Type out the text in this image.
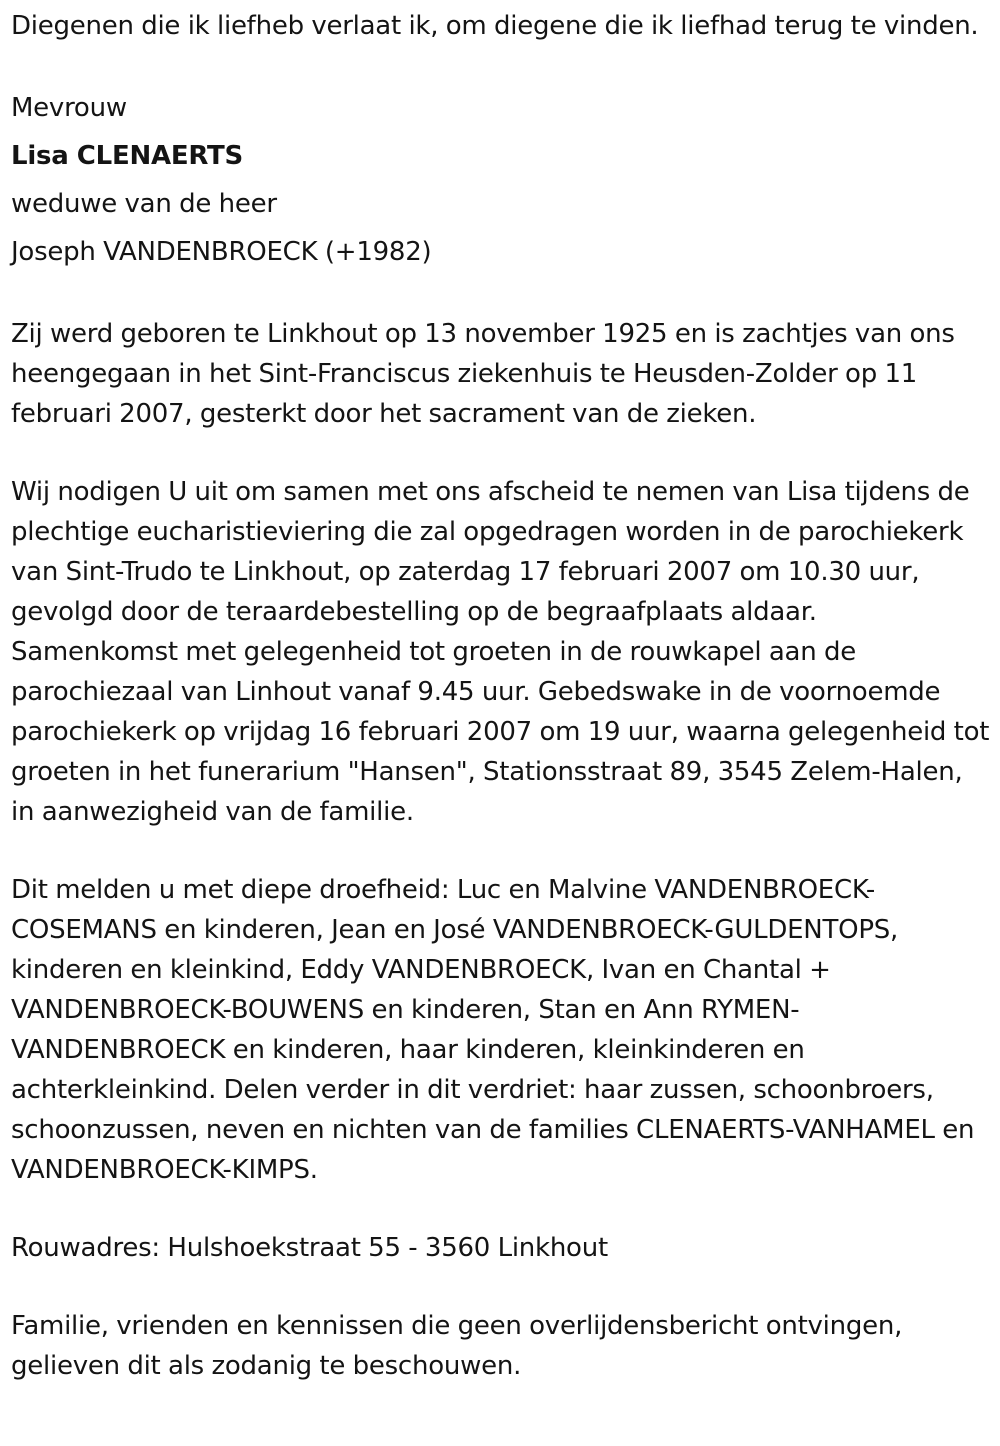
Diegenen die ik liefheb verlaat ik, om diegene die ik liefhad terug te vinden.

Mevrouw

Lisa CLENAERTS

weduwe van de heer

Joseph VANDENBROECK (+1982)

Zij werd geboren te Linkhout op 13 november 1925 en is zachtjes van ons heengegaan in het Sint-Franciscus ziekenhuis te Heusden-Zolder op 11 februari 2007, gesterkt door het sacrament van de zieken.

Wij nodigen U uit om samen met ons afscheid te nemen van Lisa tijdens de plechtige eucharistieviering die zal opgedragen worden in de parochiekerk van Sint-Trudo te Linkhout, op zaterdag 17 februari 2007 om 10.30 uur, gevolgd door de teraardebestelling op de begraafplaats aldaar. Samenkomst met gelegenheid tot groeten in de rouwkapel aan de parochiezaal van Linhout vanaf 9.45 uur. Gebedswake in de voornoemde parochiekerk op vrijdag 16 februari 2007 om 19 uur, waarna gelegenheid tot groeten in het funerarium "Hansen", Stationsstraat 89, 3545 Zelem-Halen, in aanwezigheid van de familie.

Dit melden u met diepe droefheid: Luc en Malvine VANDENBROECK-COSEMANS en kinderen, Jean en José VANDENBROECK-GULDENTOPS, kinderen en kleinkind, Eddy VANDENBROECK, Ivan en Chantal + VANDENBROECK-BOUWENS en kinderen, Stan en Ann RYMEN-VANDENBROECK en kinderen, haar kinderen, kleinkinderen en achterkleinkind. Delen verder in dit verdriet: haar zussen, schoonbroers, schoonzussen, neven en nichten van de families CLENAERTS-VANHAMEL en VANDENBROECK-KIMPS.

Rouwadres: Hulshoekstraat 55 - 3560 Linkhout

Familie, vrienden en kennissen die geen overlijdensbericht ontvingen, gelieven dit als zodanig te beschouwen.
